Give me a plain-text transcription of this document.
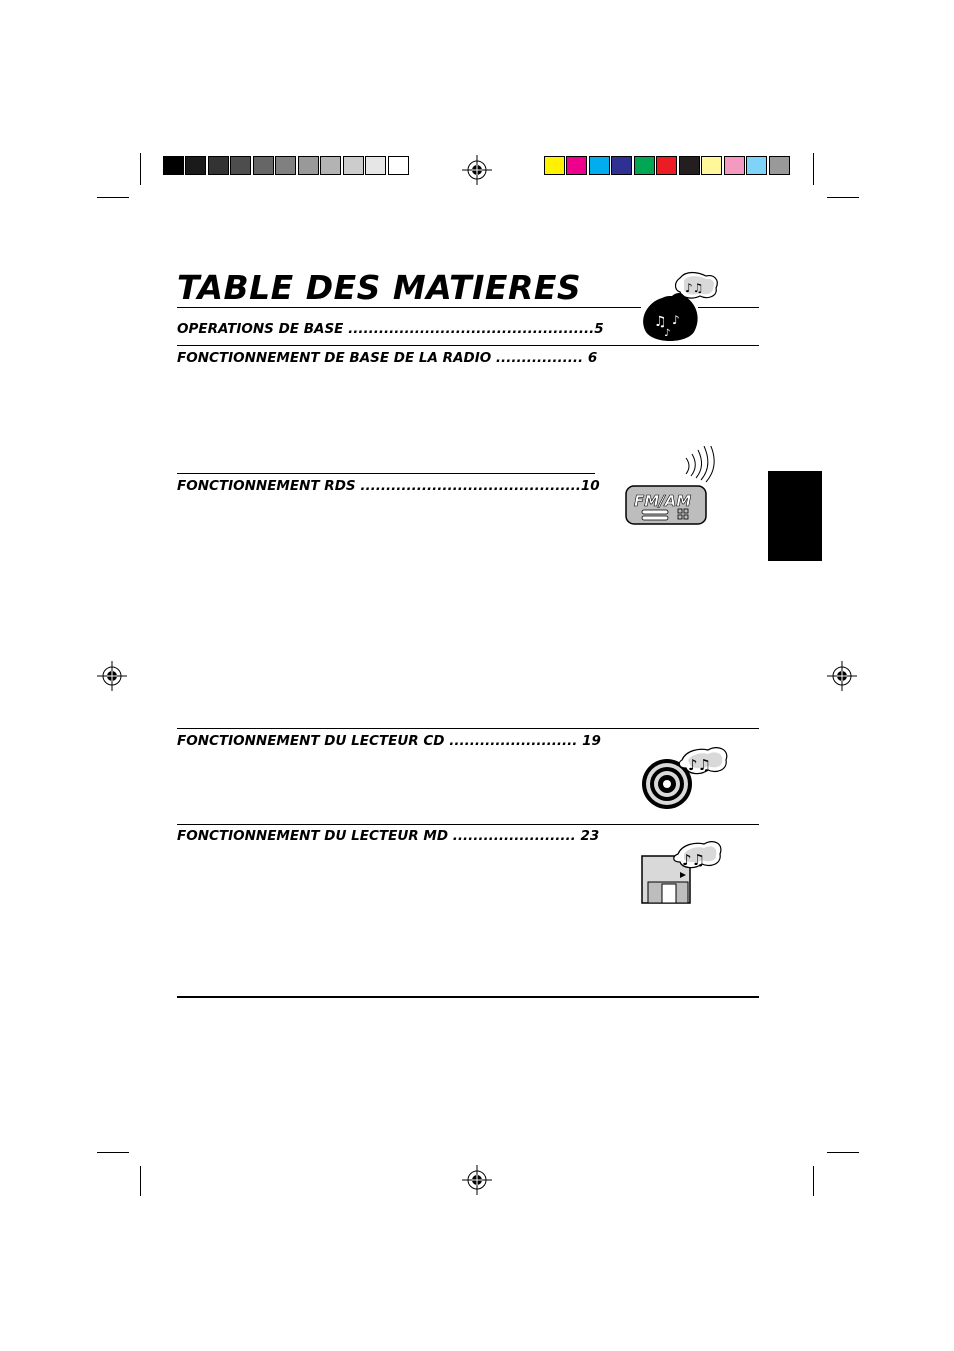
TABLE DES MATIERES	♪♫
♫ ♪
♪
OPERATIONS DE BASE ................................................5
FONCTIONNEMENT DE BASE DE LA RADIO ................. 6
FONCTIONNEMENT RDS ...........................................10
FM/AM
FONCTIONNEMENT DU LECTEUR CD ......................... 19
♪♫
FONCTIONNEMENT DU LECTEUR MD ........................ 23
♪♫
